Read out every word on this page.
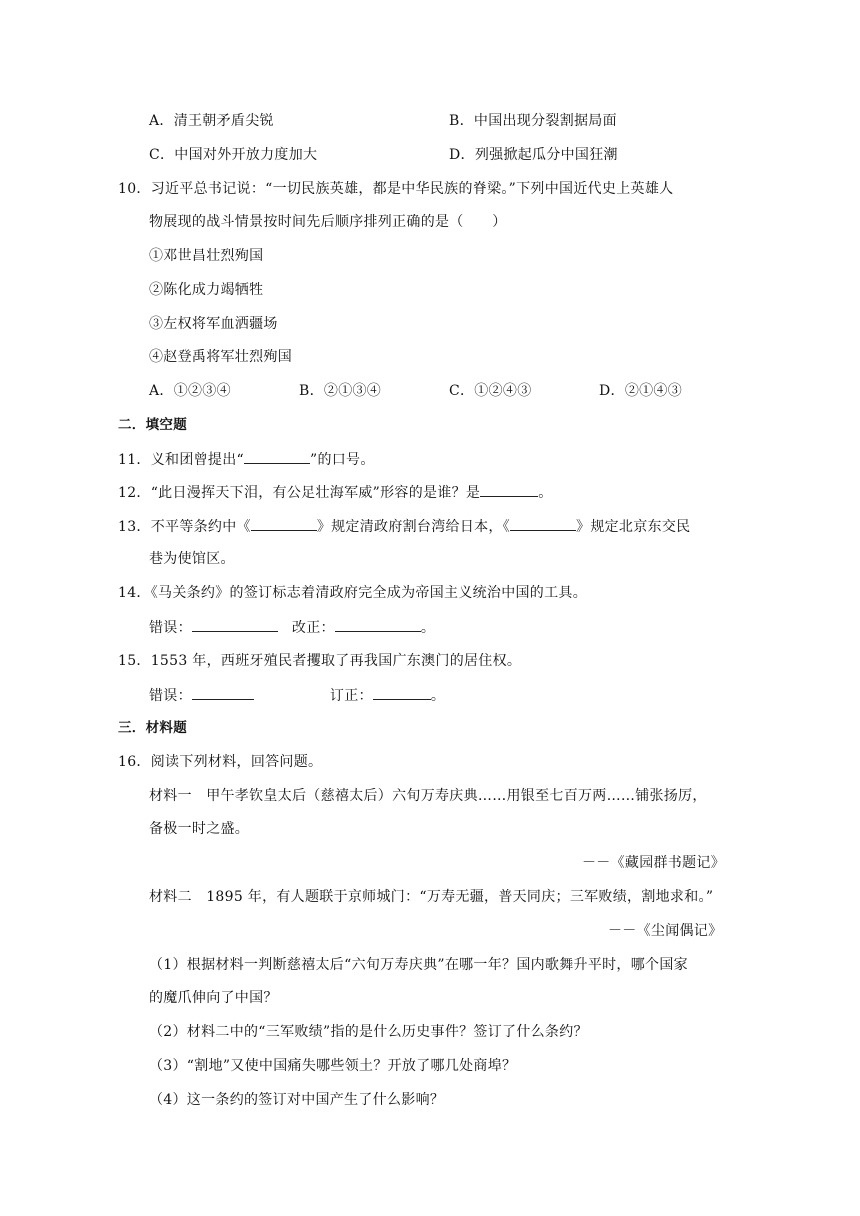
A．清王朝矛盾尖锐	B．中国出现分裂割据局面
C．中国对外开放力度加大	D．列强掀起瓜分中国狂潮
10．习近平总书记说：“一切民族英雄，都是中华民族的脊梁。”下列中国近代史上英雄人
物展现的战斗情景按时间先后顺序排列正确的是（　　）
①邓世昌壮烈殉国
②陈化成力竭牺牲
③左权将军血洒疆场
④赵登禹将军壮烈殉国
A．①②③④	B．②①③④	C．①②④③	D．②①④③
二．填空题
11．义和团曾提出“	”的口号。
12．“此日漫挥天下泪，有公足壮海军威”形容的是谁？是	。
13．不平等条约中《	》规定清政府割台湾给日本，《	》规定北京东交民
巷为使馆区。
14．《马关条约》的签订标志着清政府完全成为帝国主义统治中国的工具。
错误：	改正：	。
15．1553 年，西班牙殖民者攫取了再我国广东澳门的居住权。
错误：	订正：	。
三．材料题
16．阅读下列材料，回答问题。
材料一　甲午孝钦皇太后（慈禧太后）六旬万寿庆典……用银至七百万两……铺张扬厉，
备极一时之盛。
－－《藏园群书题记》
材料二　1895 年，有人题联于京师城门：“万寿无疆，普天同庆；三军败绩，割地求和。”
－－《尘闻偶记》
（1）根据材料一判断慈禧太后“六旬万寿庆典”在哪一年？国内歌舞升平时，哪个国家
的魔爪伸向了中国？
（2）材料二中的“三军败绩”指的是什么历史事件？签订了什么条约？
（3）“割地”又使中国痛失哪些领土？开放了哪几处商埠？
（4）这一条约的签订对中国产生了什么影响？
